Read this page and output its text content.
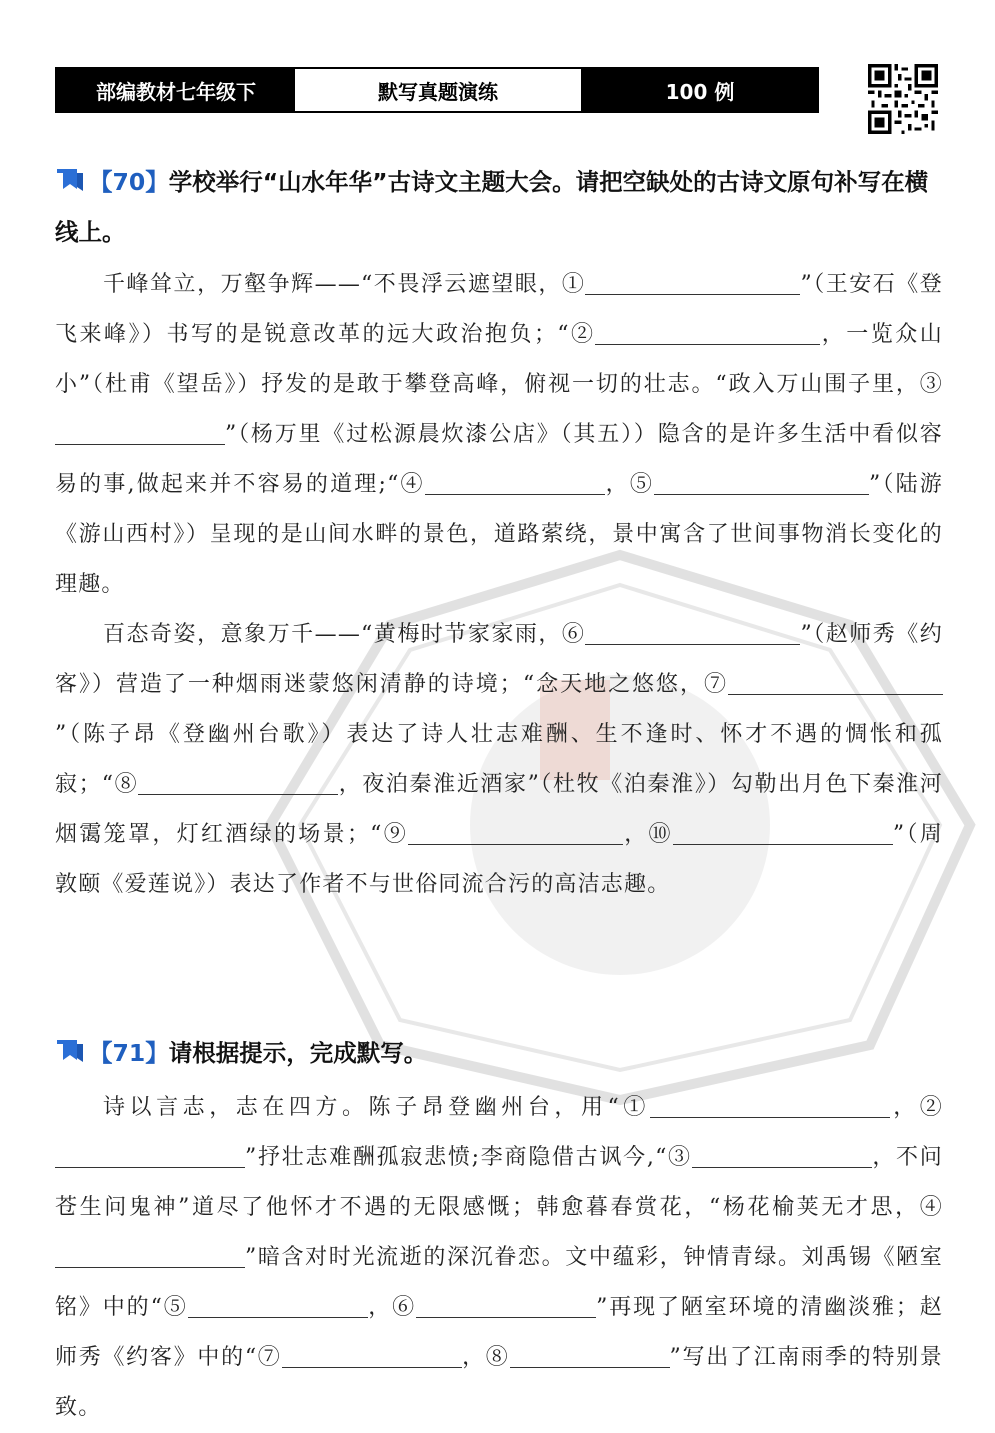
部编教材七年级下	默写真题演练	100 例
【70】学校举行“山水年华”古诗文主题大会。请把空缺处的古诗文原句补写在横线上。

千峰耸立，万壑争辉——“不畏浮云遮望眼，①	”（王安石《登飞来峰》）书写的是锐意改革的远大政治抱负；“②	，一览众山小”（杜甫《望岳》）抒发的是敢于攀登高峰，俯视一切的壮志。“政入万山围子里，③”（杨万里《过松源晨炊漆公店》（其五））隐含的是许多生活中看似容易的事,做起来并不容易的道理;“④	，⑤	”（陆游《游山西村》）呈现的是山间水畔的景色，道路萦绕，景中寓含了世间事物消长变化的理趣。

百态奇姿，意象万千——“黄梅时节家家雨，⑥	”（赵师秀《约客》）营造了一种烟雨迷蒙悠闲清静的诗境；“念天地之悠悠，⑦”（陈子昂《登幽州台歌》）表达了诗人壮志难酬、生不逢时、怀才不遇的惆怅和孤寂；“⑧	，夜泊秦淮近酒家”（杜牧《泊秦淮》）勾勒出月色下秦淮河烟霭笼罩，灯红酒绿的场景；“⑨	，⑩	”（周敦颐《爱莲说》）表达了作者不与世俗同流合污的高洁志趣。

【71】请根据提示，完成默写。

诗以言志，志在四方。陈子昂登幽州台，用“①	，②”抒壮志难酬孤寂悲愤;李商隐借古讽今,“③	，不问苍生问鬼神”道尽了他怀才不遇的无限感慨；韩愈暮春赏花，“杨花榆荚无才思，④”暗含对时光流逝的深沉眷恋。文中蕴彩，钟情青绿。刘禹锡《陋室铭》中的“⑤	，⑥	”再现了陋室环境的清幽淡雅；赵师秀《约客》中的“⑦	，⑧	”写出了江南雨季的特别景致。
